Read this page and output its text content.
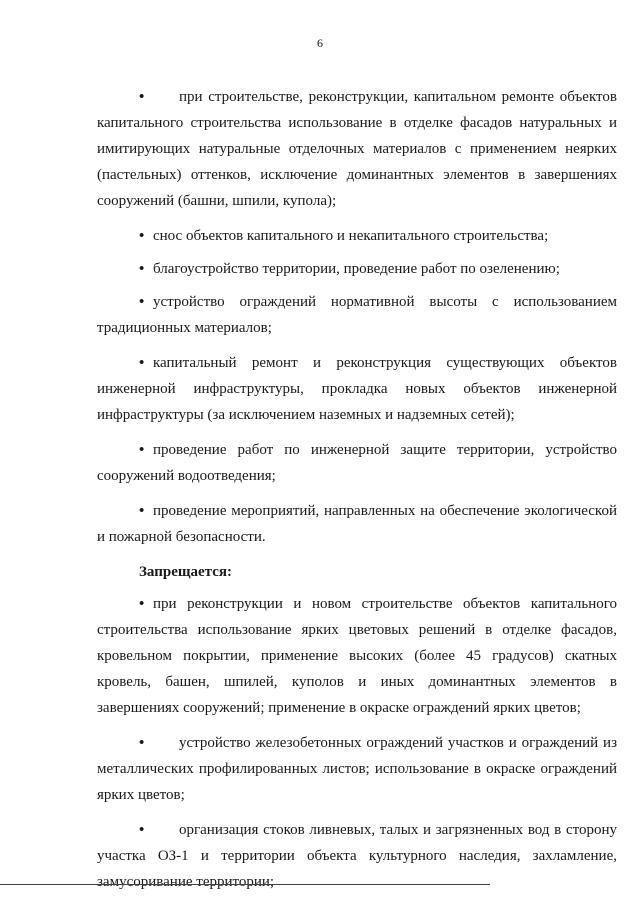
6

• при строительстве, реконструкции, капитальном ремонте объектов капитального строительства использование в отделке фасадов натуральных и имитирующих натуральные отделочных материалов с применением неярких (пастельных) оттенков, исключение доминантных элементов в завершениях сооружений (башни, шпили, купола);

• снос объектов капитального и некапитального строительства;

• благоустройство территории, проведение работ по озеленению;

• устройство ограждений нормативной высоты с использованием традиционных материалов;

• капитальный ремонт и реконструкция существующих объектов инженерной инфраструктуры, прокладка новых объектов инженерной инфраструктуры (за исключением наземных и надземных сетей);

• проведение работ по инженерной защите территории, устройство сооружений водоотведения;

• проведение мероприятий, направленных на обеспечение экологической и пожарной безопасности.

Запрещается:

• при реконструкции и новом строительстве объектов капитального строительства использование ярких цветовых решений в отделке фасадов, кровельном покрытии, применение высоких (более 45 градусов) скатных кровель, башен, шпилей, куполов и иных доминантных элементов в завершениях сооружений; применение в окраске ограждений ярких цветов;

• устройство железобетонных ограждений участков и ограждений из металлических профилированных листов; использование в окраске ограждений ярких цветов;

• организация стоков ливневых, талых и загрязненных вод в сторону участка ОЗ-1 и территории объекта культурного наследия, захламление, замусоривание территории;
